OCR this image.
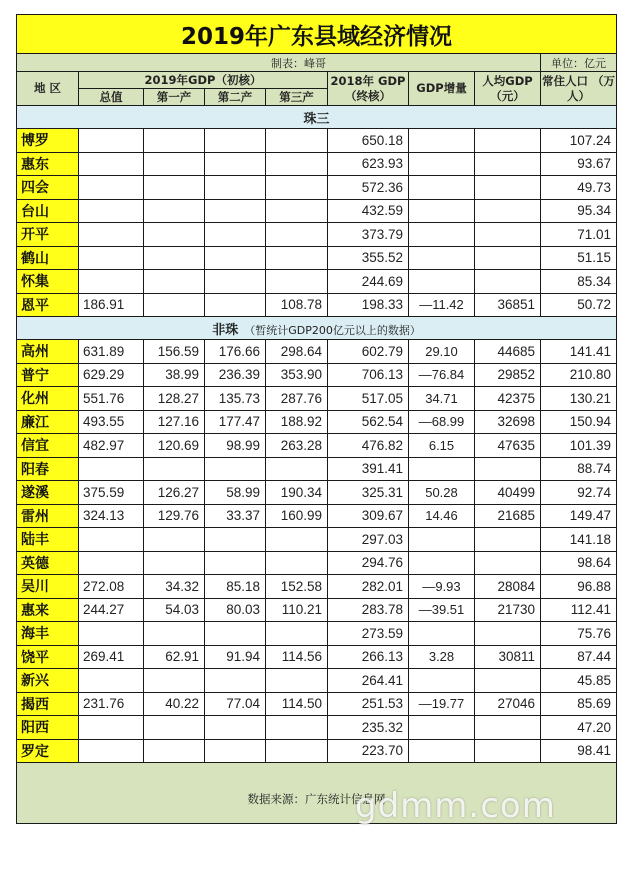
2019年广东县域经济情况								
制表：峰哥								单位：亿元
地 区	2019年GDP（初核）				2018年 GDP（终核）	GDP增量	人均GDP （元）	常住人口 （万人）
	总值	第一产	第二产	第三产				
珠三								
博罗					650.18			107.24
惠东					623.93			93.67
四会					572.36			49.73
台山					432.59			95.34
开平					373.79			71.01
鹤山					355.52			51.15
怀集					244.69			85.34
恩平	186.91			108.78	198.33	—11.42	36851	50.72
非珠 （暂统计GDP200亿元以上的数据）								
高州	631.89	156.59	176.66	298.64	602.79	29.10	44685	141.41
普宁	629.29	38.99	236.39	353.90	706.13	—76.84	29852	210.80
化州	551.76	128.27	135.73	287.76	517.05	34.71	42375	130.21
廉江	493.55	127.16	177.47	188.92	562.54	—68.99	32698	150.94
信宜	482.97	120.69	98.99	263.28	476.82	6.15	47635	101.39
阳春					391.41			88.74
遂溪	375.59	126.27	58.99	190.34	325.31	50.28	40499	92.74
雷州	324.13	129.76	33.37	160.99	309.67	14.46	21685	149.47
陆丰					297.03			141.18
英德					294.76			98.64
吴川	272.08	34.32	85.18	152.58	282.01	—9.93	28084	96.88
惠来	244.27	54.03	80.03	110.21	283.78	—39.51	21730	112.41
海丰					273.59			75.76
饶平	269.41	62.91	91.94	114.56	266.13	3.28	30811	87.44
新兴					264.41			45.85
揭西	231.76	40.22	77.04	114.50	251.53	—19.77	27046	85.69
阳西					235.32			47.20
罗定					223.70			98.41
数据来源：广东统计信息网								
gdmm.com
